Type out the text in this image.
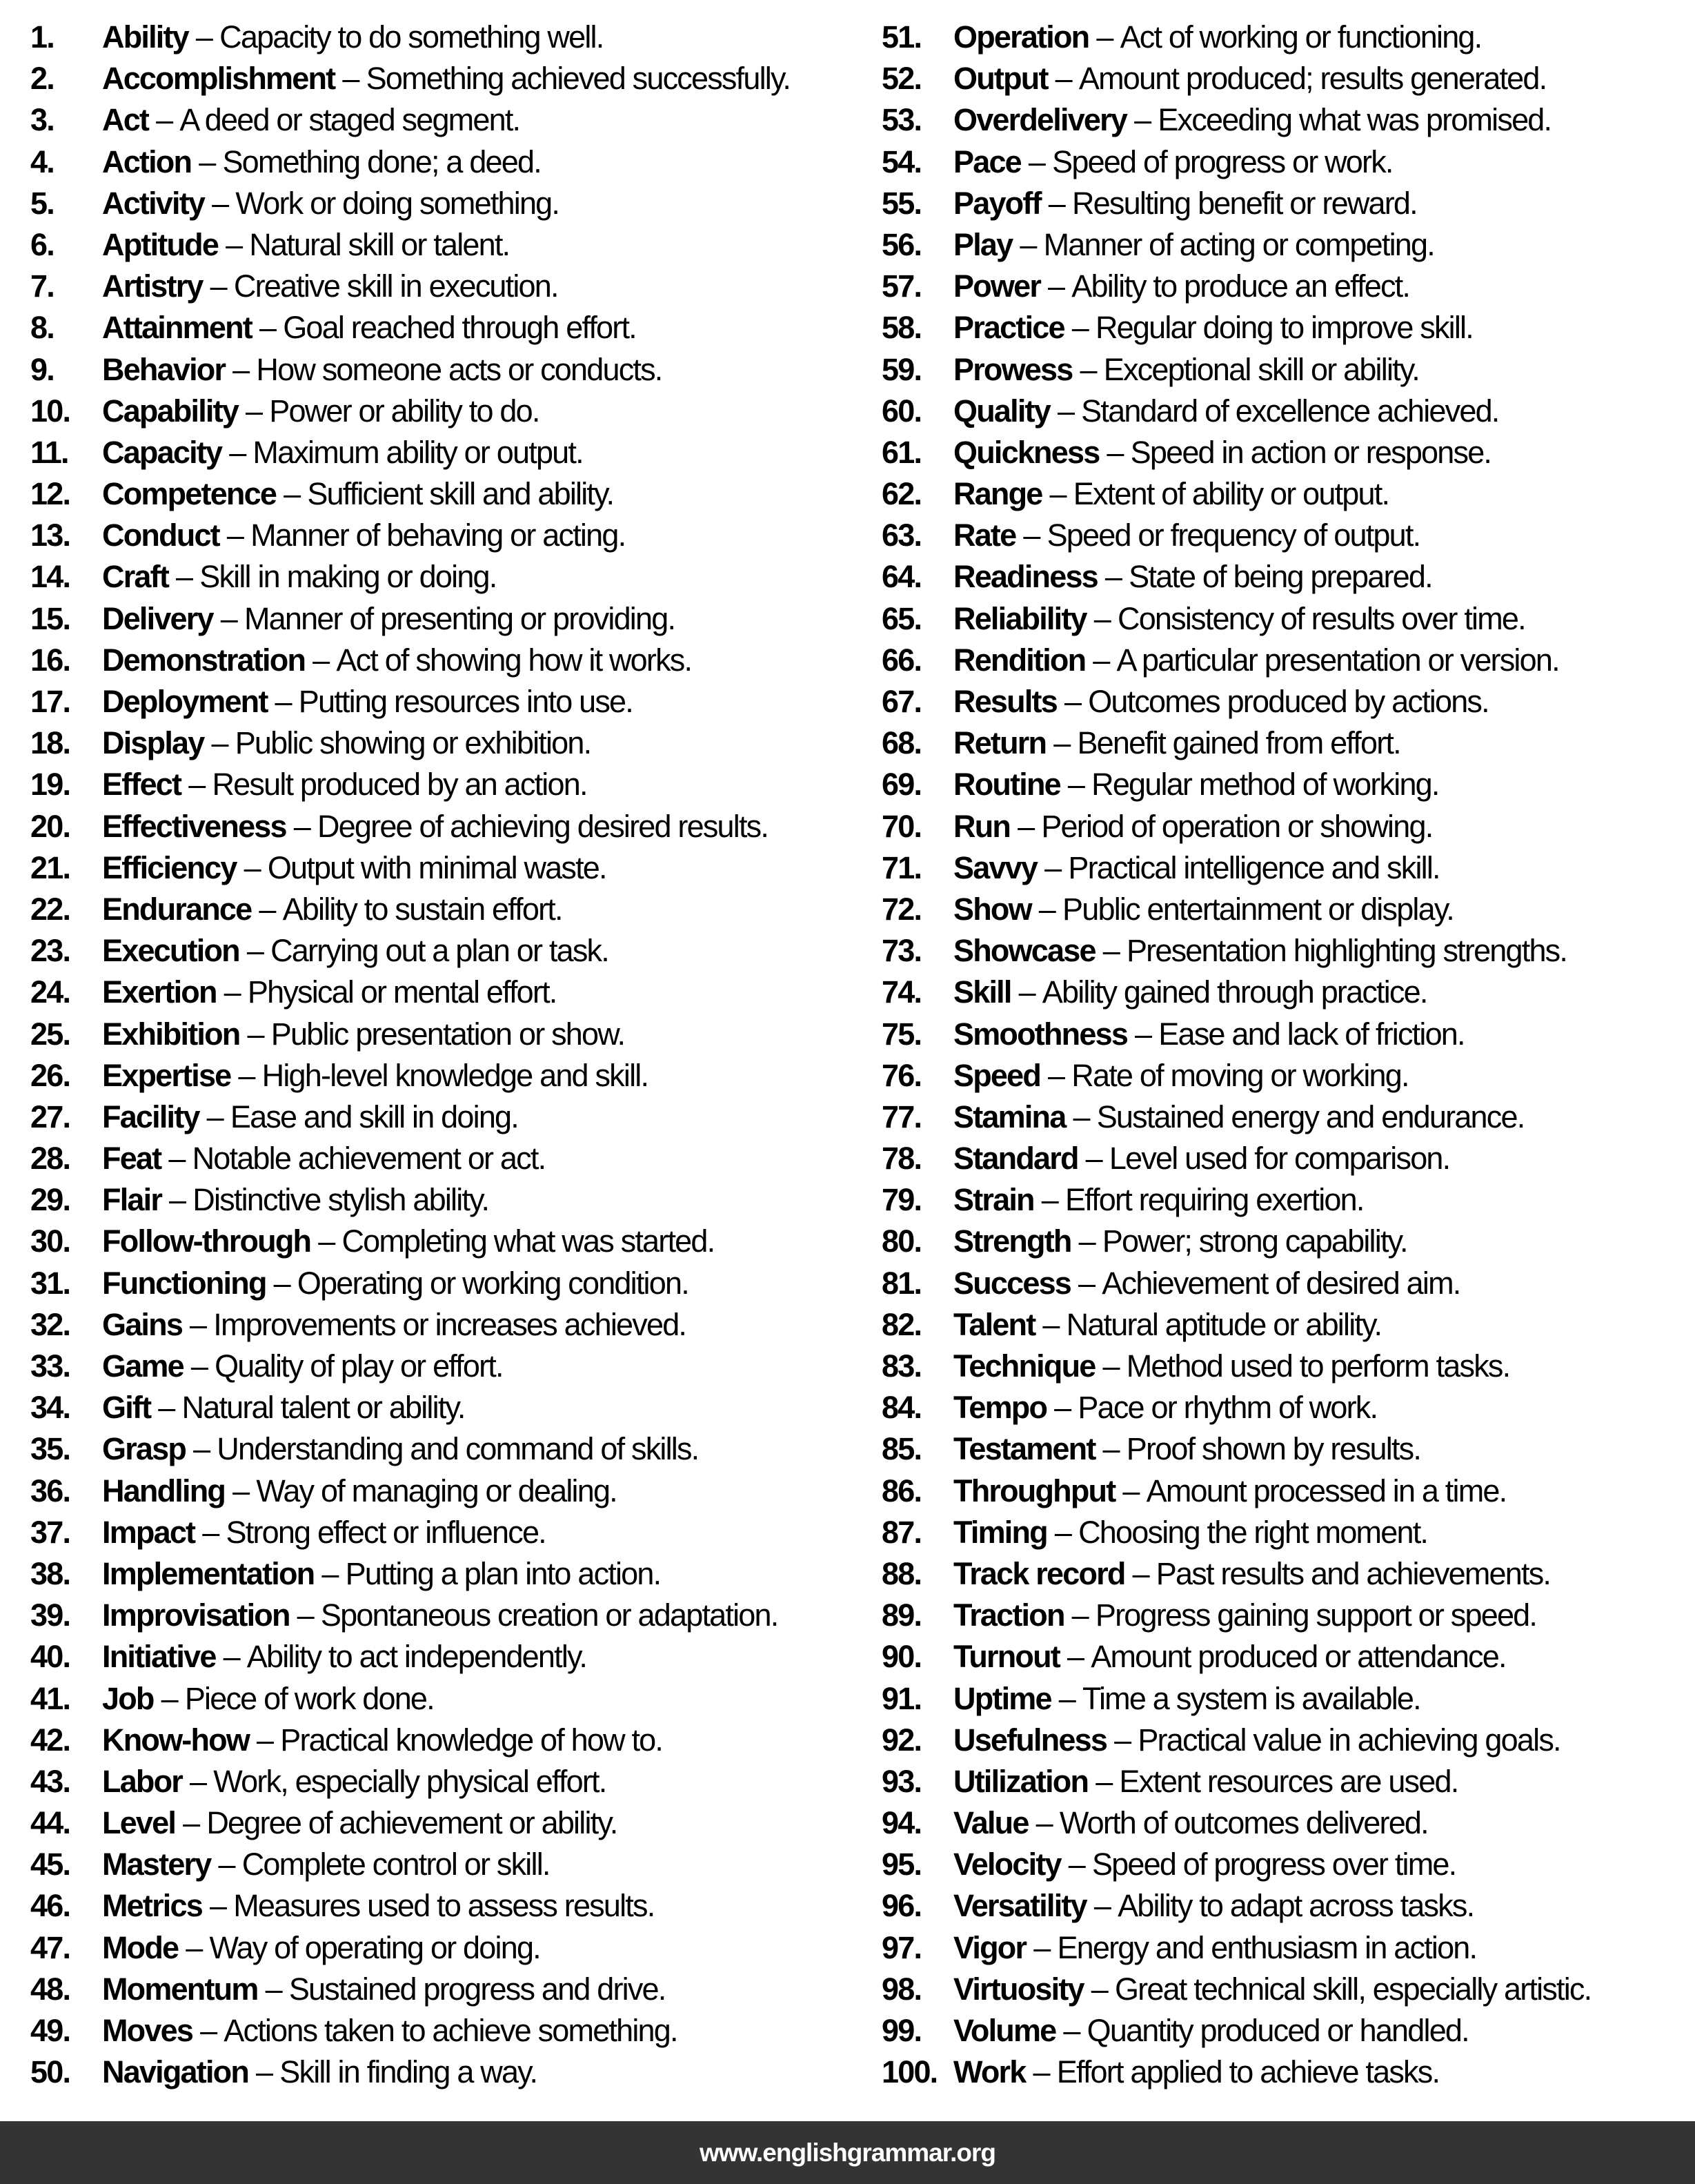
1. Ability – Capacity to do something well.
2. Accomplishment – Something achieved successfully.
3. Act – A deed or staged segment.
4. Action – Something done; a deed.
5. Activity – Work or doing something.
6. Aptitude – Natural skill or talent.
7. Artistry – Creative skill in execution.
8. Attainment – Goal reached through effort.
9. Behavior – How someone acts or conducts.
10. Capability – Power or ability to do.
11. Capacity – Maximum ability or output.
12. Competence – Sufficient skill and ability.
13. Conduct – Manner of behaving or acting.
14. Craft – Skill in making or doing.
15. Delivery – Manner of presenting or providing.
16. Demonstration – Act of showing how it works.
17. Deployment – Putting resources into use.
18. Display – Public showing or exhibition.
19. Effect – Result produced by an action.
20. Effectiveness – Degree of achieving desired results.
21. Efficiency – Output with minimal waste.
22. Endurance – Ability to sustain effort.
23. Execution – Carrying out a plan or task.
24. Exertion – Physical or mental effort.
25. Exhibition – Public presentation or show.
26. Expertise – High-level knowledge and skill.
27. Facility – Ease and skill in doing.
28. Feat – Notable achievement or act.
29. Flair – Distinctive stylish ability.
30. Follow-through – Completing what was started.
31. Functioning – Operating or working condition.
32. Gains – Improvements or increases achieved.
33. Game – Quality of play or effort.
34. Gift – Natural talent or ability.
35. Grasp – Understanding and command of skills.
36. Handling – Way of managing or dealing.
37. Impact – Strong effect or influence.
38. Implementation – Putting a plan into action.
39. Improvisation – Spontaneous creation or adaptation.
40. Initiative – Ability to act independently.
41. Job – Piece of work done.
42. Know-how – Practical knowledge of how to.
43. Labor – Work, especially physical effort.
44. Level – Degree of achievement or ability.
45. Mastery – Complete control or skill.
46. Metrics – Measures used to assess results.
47. Mode – Way of operating or doing.
48. Momentum – Sustained progress and drive.
49. Moves – Actions taken to achieve something.
50. Navigation – Skill in finding a way.
51. Operation – Act of working or functioning.
52. Output – Amount produced; results generated.
53. Overdelivery – Exceeding what was promised.
54. Pace – Speed of progress or work.
55. Payoff – Resulting benefit or reward.
56. Play – Manner of acting or competing.
57. Power – Ability to produce an effect.
58. Practice – Regular doing to improve skill.
59. Prowess – Exceptional skill or ability.
60. Quality – Standard of excellence achieved.
61. Quickness – Speed in action or response.
62. Range – Extent of ability or output.
63. Rate – Speed or frequency of output.
64. Readiness – State of being prepared.
65. Reliability – Consistency of results over time.
66. Rendition – A particular presentation or version.
67. Results – Outcomes produced by actions.
68. Return – Benefit gained from effort.
69. Routine – Regular method of working.
70. Run – Period of operation or showing.
71. Savvy – Practical intelligence and skill.
72. Show – Public entertainment or display.
73. Showcase – Presentation highlighting strengths.
74. Skill – Ability gained through practice.
75. Smoothness – Ease and lack of friction.
76. Speed – Rate of moving or working.
77. Stamina – Sustained energy and endurance.
78. Standard – Level used for comparison.
79. Strain – Effort requiring exertion.
80. Strength – Power; strong capability.
81. Success – Achievement of desired aim.
82. Talent – Natural aptitude or ability.
83. Technique – Method used to perform tasks.
84. Tempo – Pace or rhythm of work.
85. Testament – Proof shown by results.
86. Throughput – Amount processed in a time.
87. Timing – Choosing the right moment.
88. Track record – Past results and achievements.
89. Traction – Progress gaining support or speed.
90. Turnout – Amount produced or attendance.
91. Uptime – Time a system is available.
92. Usefulness – Practical value in achieving goals.
93. Utilization – Extent resources are used.
94. Value – Worth of outcomes delivered.
95. Velocity – Speed of progress over time.
96. Versatility – Ability to adapt across tasks.
97. Vigor – Energy and enthusiasm in action.
98. Virtuosity – Great technical skill, especially artistic.
99. Volume – Quantity produced or handled.
100. Work – Effort applied to achieve tasks.
www.englishgrammar.org
